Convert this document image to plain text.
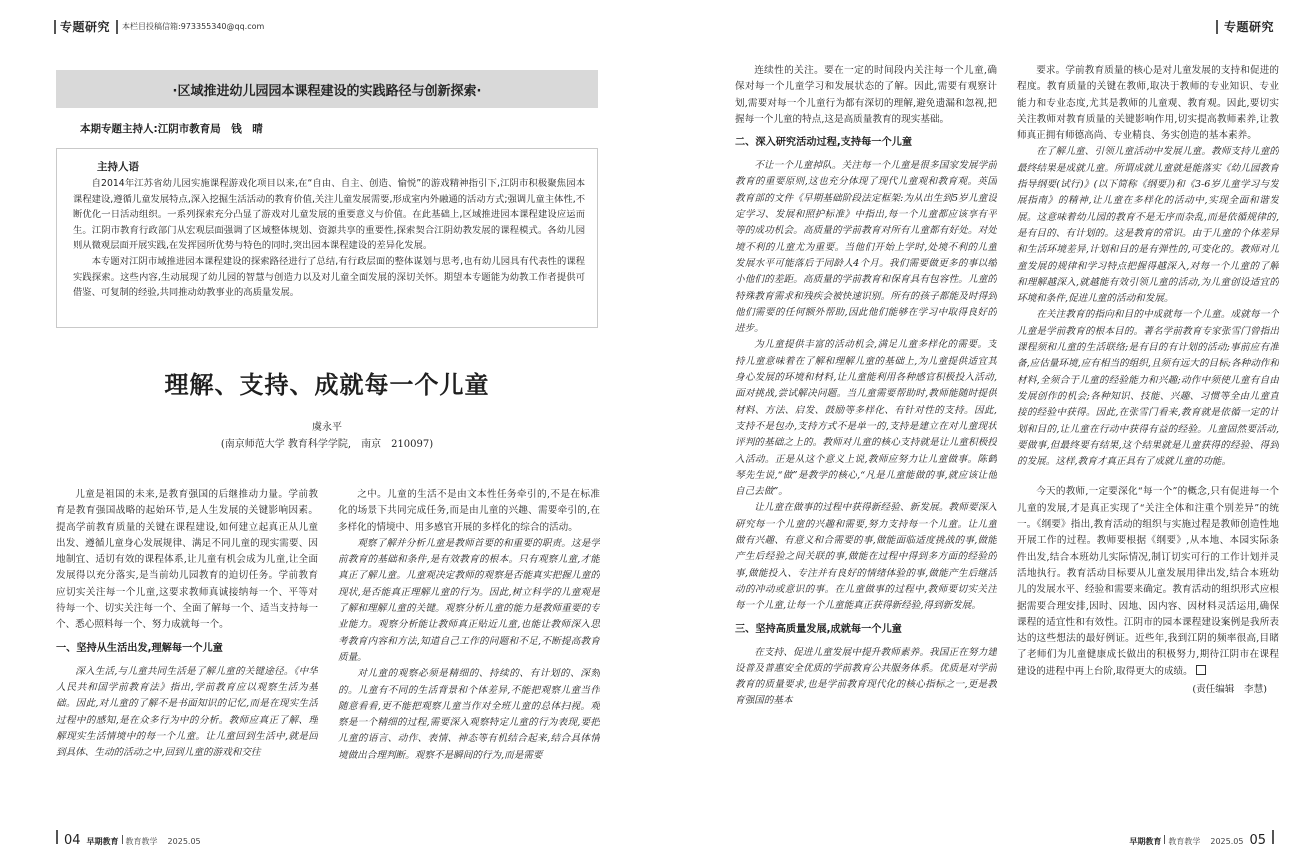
专题研究 本栏目投稿信箱:973355340@qq.com
·区域推进幼儿园园本课程建设的实践路径与创新探索·
本期专题主持人:江阴市教育局　钱　晴
主持人语

自2014年江苏省幼儿园实施课程游戏化项目以来,在“自由、自主、创造、愉悦”的游戏精神指引下,江阴市积极聚焦园本课程建设,遵循儿童发展特点,深入挖掘生活活动的教育价值,关注儿童发展需要,形成室内外融通的活动方式;强调儿童主体性,不断优化一日活动组织。一系列探索充分凸显了游戏对儿童发展的重要意义与价值。在此基础上,区域推进园本课程建设应运而生。江阴市教育行政部门从宏观层面强调了区域整体规划、资源共享的重要性,探索契合江阴幼教发展的课程模式。各幼儿园则从微观层面开展实践,在发挥园所优势与特色的同时,突出园本课程建设的差异化发展。

本专题对江阴市域推进园本课程建设的探索路径进行了总结,有行政层面的整体谋划与思考,也有幼儿园具有代表性的课程实践探索。这些内容,生动展现了幼儿园的智慧与创造力以及对儿童全面发展的深切关怀。期望本专题能为幼教工作者提供可借鉴、可复制的经验,共同推动幼教事业的高质量发展。

理解、支持、成就每一个儿童
虞永平
(南京师范大学 教育科学学院,　南京　210097)

儿童是祖国的未来,是教育强国的后继推动力量。学前教育是教育强国战略的起始环节,是人生发展的关键影响因素。提高学前教育质量的关键在课程建设,如何建立起真正从儿童出发、遵循儿童身心发展规律、满足不同儿童的现实需要、因地制宜、适切有效的课程体系,让儿童有机会成为儿童,让全面发展得以充分落实,是当前幼儿园教育的迫切任务。学前教育应切实关注每一个儿童,这要求教师真诚接纳每一个、平等对待每一个、切实关注每一个、全面了解每一个、适当支持每一个、悉心照料每一个、努力成就每一个。

一、坚持从生活出发,理解每一个儿童

深入生活,与儿童共同生活是了解儿童的关键途径。《中华人民共和国学前教育法》指出,学前教育应以观察生活为基础。因此,对儿童的了解不是书面知识的记忆,而是在现实生活过程中的感知,是在众多行为中的分析。教师应真正了解、理解现实生活情境中的每一个儿童。让儿童回到生活中,就是回到具体、生动的活动之中,回到儿童的游戏和交往

之中。儿童的生活不是由文本性任务牵引的,不是在标准化的场景下共同完成任务,而是由儿童的兴趣、需要牵引的,在多样化的情境中、用多感官开展的多样化的综合的活动。

观察了解并分析儿童是教师首要的和重要的职责。这是学前教育的基础和条件,是有效教育的根本。只有观察儿童,才能真正了解儿童。儿童观决定教师的观察是否能真实把握儿童的现状,是否能真正理解儿童的行为。因此,树立科学的儿童观是了解和理解儿童的关键。观察分析儿童的能力是教师重要的专业能力。观察分析能让教师真正贴近儿童,也能让教师深入思考教育内容和方法,知道自己工作的问题和不足,不断提高教育质量。

对儿童的观察必须是精细的、持续的、有计划的、深刻的。儿童有不同的生活背景和个体差异,不能把观察儿童当作随意看看,更不能把观察儿童当作对全班儿童的总体扫视。观察是一个精细的过程,需要深入观察特定儿童的行为表现,要把儿童的语言、动作、表情、神态等有机结合起来,结合具体情境做出合理判断。观察不是瞬间的行为,而是需要

04 早期教育 教育教学 2025.05
专题研究

连续性的关注。要在一定的时间段内关注每一个儿童,确保对每一个儿童学习和发展状态的了解。因此,需要有观察计划,需要对每一个儿童行为都有深切的理解,避免遗漏和忽视,把握每一个儿童的特点,这是高质量教育的现实基础。

二、深入研究活动过程,支持每一个儿童

不让一个儿童掉队。关注每一个儿童是很多国家发展学前教育的重要原则,这也充分体现了现代儿童观和教育观。英国教育部的文件《早期基础阶段法定框架:为从出生到5岁儿童设定学习、发展和照护标准》中指出,每一个儿童都应该享有平等的成功机会。高质量的学前教育对所有儿童都有好处。对处境不利的儿童尤为重要。当他们开始上学时,处境不利的儿童发展水平可能落后于同龄人4个月。我们需要做更多的事以缩小他们的差距。高质量的学前教育和保育具有包容性。儿童的特殊教育需求和残疾会被快速识别。所有的孩子都能及时得到他们需要的任何额外帮助,因此他们能够在学习中取得良好的进步。

为儿童提供丰富的活动机会,满足儿童多样化的需要。支持儿童意味着在了解和理解儿童的基础上,为儿童提供适宜其身心发展的环境和材料,让儿童能利用各种感官积极投入活动,面对挑战,尝试解决问题。当儿童需要帮助时,教师能随时提供材料、方法、启发、鼓励等多样化、有针对性的支持。因此,支持不是包办,支持方式不是单一的,支持是建立在对儿童现状评判的基础之上的。教师对儿童的核心支持就是让儿童积极投入活动。正是从这个意义上说,教师应努力让儿童做事。陈鹤琴先生说,“做”是教学的核心,“凡是儿童能做的事,就应该让他自己去做”。

让儿童在做事的过程中获得新经验、新发展。教师要深入研究每一个儿童的兴趣和需要,努力支持每一个儿童。让儿童做有兴趣、有意义和合需要的事,做能面临适度挑战的事,做能产生后经验之间关联的事,做能在过程中得到多方面的经验的事,做能投入、专注并有良好的情绪体验的事,做能产生后继活动的冲动或意识的事。在儿童做事的过程中,教师要切实关注每一个儿童,让每一个儿童能真正获得新经验,得到新发展。

三、坚持高质量发展,成就每一个儿童

在支持、促进儿童发展中提升教师素养。我国正在努力建设普及普惠安全优质的学前教育公共服务体系。优质是对学前教育的质量要求,也是学前教育现代化的核心指标之一,更是教育强国的基本

要求。学前教育质量的核心是对儿童发展的支持和促进的程度。教育质量的关键在教师,取决于教师的专业知识、专业能力和专业态度,尤其是教师的儿童观、教育观。因此,要切实关注教师对教育质量的关键影响作用,切实提高教师素养,让教师真正拥有师德高尚、专业精良、务实创造的基本素养。

在了解儿童、引领儿童活动中发展儿童。教师支持儿童的最终结果是成就儿童。所谓成就儿童就是能落实《幼儿园教育指导纲要(试行)》(以下简称《纲要》)和《3-6岁儿童学习与发展指南》的精神,让儿童在多样化的活动中,实现全面和谐发展。这意味着幼儿园的教育不是无序而杂乱,而是依循规律的,是有目的、有计划的。这是教育的常识。由于儿童的个体差异和生活环境差异,计划和目的是有弹性的,可变化的。教师对儿童发展的规律和学习特点把握得越深入,对每一个儿童的了解和理解越深入,就越能有效引领儿童的活动,为儿童创设适宜的环境和条件,促进儿童的活动和发展。

在关注教育的指向和目的中成就每一个儿童。成就每一个儿童是学前教育的根本目的。著名学前教育专家张雪门曾指出课程须和儿童的生活联络;是有目的有计划的活动;事前应有准备,应估量环境,应有相当的组织,且须有远大的目标;各种动作和材料,全须合于儿童的经验能力和兴趣;动作中须使儿童有自由发展创作的机会;各种知识、技能、兴趣、习惯等全由儿童直接的经验中获得。因此,在张雪门看来,教育就是依循一定的计划和目的,让儿童在行动中获得有益的经验。儿童固然要活动,要做事,但最终要有结果,这个结果就是儿童获得的经验、得到的发展。这样,教育才真正具有了成就儿童的功能。

今天的教师,一定要深化“每一个”的概念,只有促进每一个儿童的发展,才是真正实现了“关注全体和注重个别差异”的统一。《纲要》指出,教育活动的组织与实施过程是教师创造性地开展工作的过程。教师要根据《纲要》,从本地、本园实际条件出发,结合本班幼儿实际情况,制订切实可行的工作计划并灵活地执行。教育活动目标要从儿童发展用律出发,结合本班幼儿的发展水平、经验和需要来确定。教育活动的组织形式应根据需要合理安排,因时、因地、因内容、因材料灵活运用,确保课程的适宜性和有效性。江阴市的园本课程建设案例是我所表达的这些想法的最好例证。近些年,我到江阴的频率很高,目睹了老师们为儿童健康成长做出的积极努力,期待江阴市在课程建设的进程中再上台阶,取得更大的成绩。

(责任编辑　李慧)
早期教育 教育教学 2025.05 05
